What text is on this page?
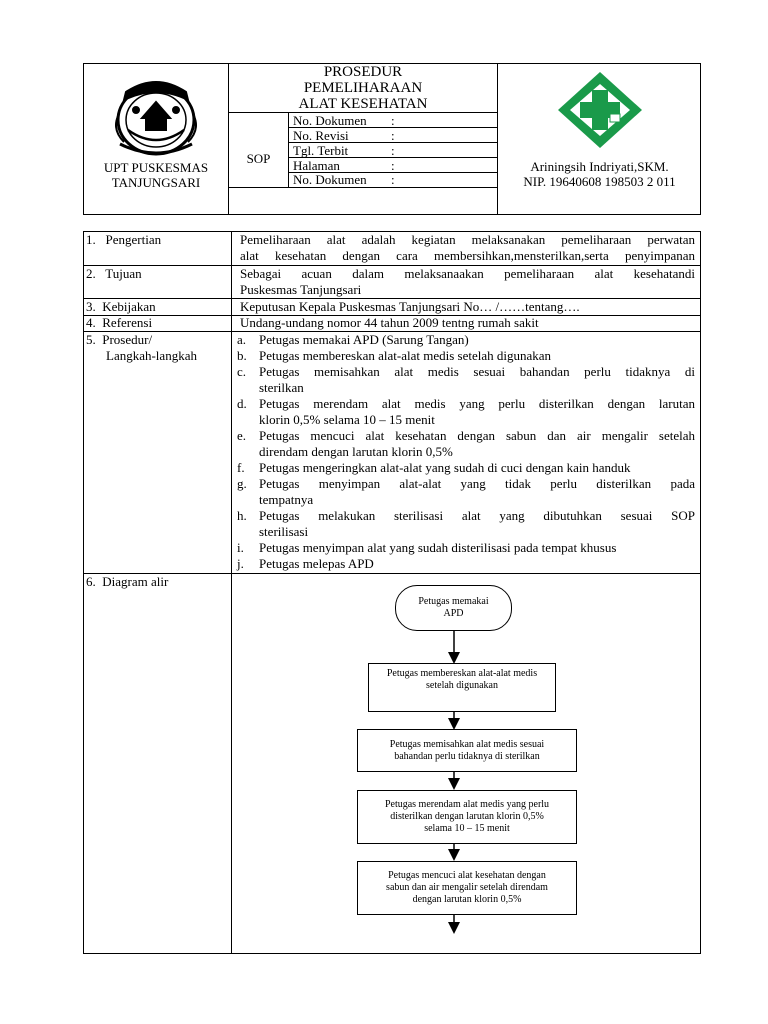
UPT PUSKESMAS
TANJUNGSARI
PROSEDUR
PEMELIHARAAN
ALAT KESEHATAN
SOP
No. Dokumen :
No. Revisi	:
Tgl. Terbit	:
Halaman	:
No. Dokumen :
Ariningsih Indriyati,SKM.
NIP. 19640608 198503 2 011
1.   Pengertian	Pemeliharaan alat adalah kegiatan melaksanakan pemeliharaan perwatan
alat kesehatan dengan cara membersihkan,mensterilkan,serta penyimpanan
2.   Tujuan	Sebagai acuan dalam melaksanaakan pemeliharaan alat kesehatandi
Puskesmas Tanjungsari
3.  Kebijakan	Keputusan Kepala Puskesmas Tanjungsari No… /……tentang….
4.  Referensi	Undang-undang nomor 44 tahun 2009 tentng rumah sakit
5.  Prosedur/
Langkah-langkah
a. Petugas memakai APD (Sarung Tangan)
b. Petugas membereskan alat-alat medis setelah digunakan
c. Petugas memisahkan alat medis sesuai bahandan perlu tidaknya di
sterilkan
d. Petugas merendam alat medis yang perlu disterilkan dengan larutan
klorin 0,5% selama 10 – 15 menit
e. Petugas mencuci alat kesehatan dengan sabun dan air mengalir setelah
direndam dengan larutan klorin 0,5%
f.	Petugas mengeringkan alat-alat yang sudah di cuci dengan kain handuk
g. Petugas menyimpan alat-alat yang tidak perlu disterilkan pada
tempatnya
h. Petugas melakukan sterilisasi alat yang dibutuhkan sesuai SOP
sterilisasi
i.	Petugas menyimpan alat yang sudah disterilisasi pada tempat khusus
j.	Petugas melepas APD
6.  Diagram alir
Petugas memakai
APD
Petugas membereskan alat-alat medis
setelah digunakan
Petugas memisahkan alat medis sesuai
bahandan perlu tidaknya di sterilkan
Petugas merendam alat medis yang perlu
disterilkan dengan larutan klorin 0,5%
selama 10 – 15 menit
Petugas mencuci alat kesehatan dengan
sabun dan air mengalir setelah direndam
dengan larutan klorin 0,5%
